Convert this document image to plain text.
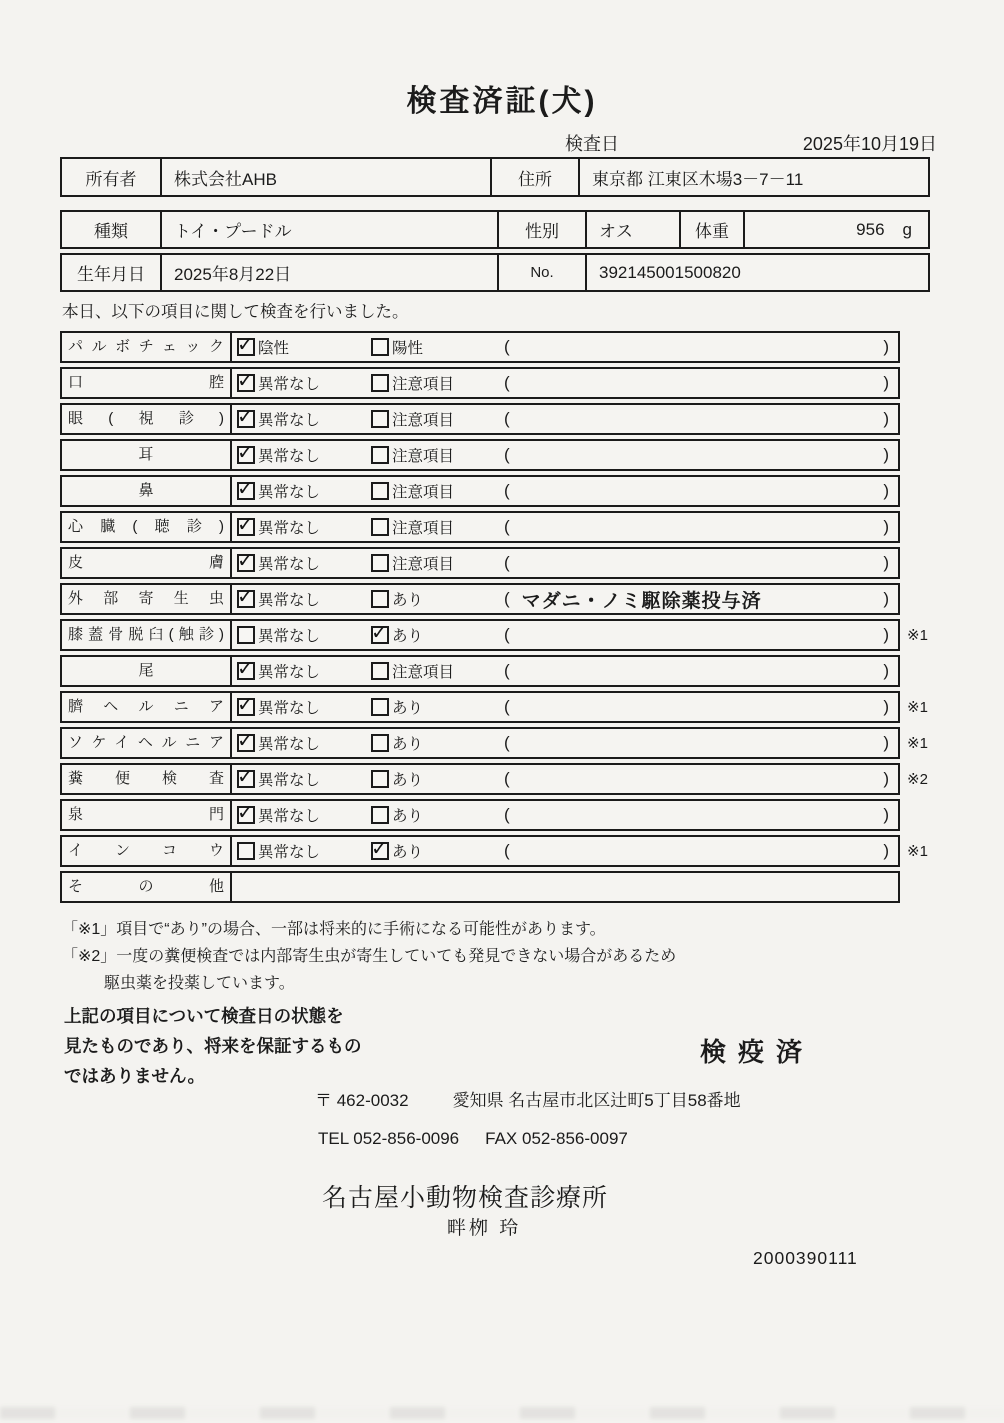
検査済証(犬)
検査日	2025年10月19日
所有者	株式会社AHB	住所	東京都 江東区木場3－7－11
種類	トイ・プードル	性別	オス	体重	956 g
生年月日	2025年8月22日	No.	392145001500820
本日、以下の項目に関して検査を行いました。
パルボチェック ✓	陰性	陽性	(	)
口腔 ✓	異常なし	注意項目	(	)
眼(視診) ✓	異常なし	注意項目	(	)
耳 ✓	異常なし	注意項目	(	)
鼻 ✓	異常なし	注意項目	(	)
心臓(聴診) ✓	異常なし	注意項目	(	)
皮膚 ✓	異常なし	注意項目	(	)
外部寄生虫 ✓	異常なし	あり	( マダニ・ノミ駆除薬投与済	)
膝蓋骨脱臼(触診)	異常なし ✓	あり	(	)	※1
尾 ✓	異常なし	注意項目	(	)
臍ヘルニア ✓	異常なし	あり	(	)	※1
ソケイヘルニア ✓	異常なし	あり	(	)	※1
糞便検査 ✓	異常なし	あり	(	)	※2
泉門 ✓	異常なし	あり	(	)
インコウ	異常なし ✓	あり	(	)	※1
その他
「※1」項目で“あり”の場合、一部は将来的に手術になる可能性があります。
「※2」一度の糞便検査では内部寄生虫が寄生していても発見できない場合があるため
駆虫薬を投薬しています。
上記の項目について検査日の状態を
見たものであり、将来を保証するもの
ではありません。
検疫済
〒 462-0032	愛知県 名古屋市北区辻町5丁目58番地
TEL 052-856-0096 FAX 052-856-0097
名古屋小動物検査診療所
畔栁 玲
2000390111
